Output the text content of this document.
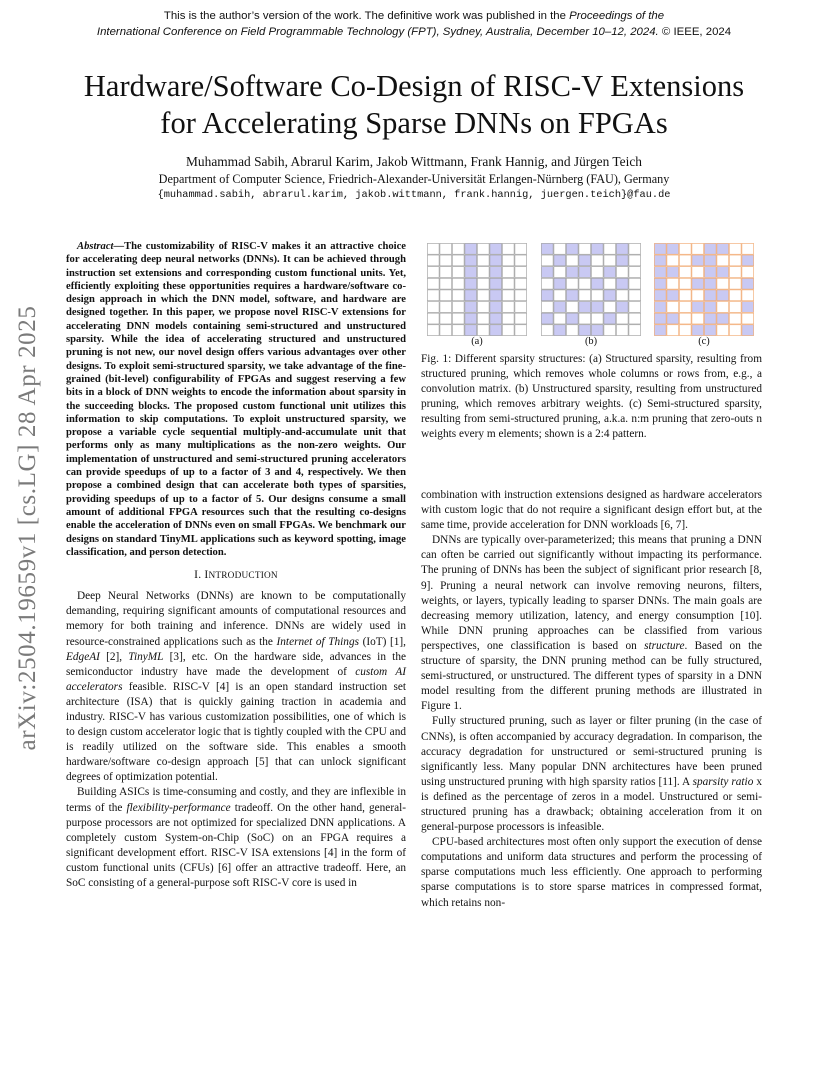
This is the author’s version of the work. The definitive work was published in the Proceedings of the
International Conference on Field Programmable Technology (FPT), Sydney, Australia, December 10–12, 2024. © IEEE, 2024
Hardware/Software Co-Design of RISC-V Extensions
for Accelerating Sparse DNNs on FPGAs
Muhammad Sabih, Abrarul Karim, Jakob Wittmann, Frank Hannig, and Jürgen Teich
Department of Computer Science, Friedrich-Alexander-Universität Erlangen-Nürnberg (FAU), Germany
{muhammad.sabih, abrarul.karim, jakob.wittmann, frank.hannig, juergen.teich}@fau.de
arXiv:2504.19659v1 [cs.LG] 28 Apr 2025

Abstract—The customizability of RISC-V makes it an attractive choice for accelerating deep neural networks (DNNs). It can be achieved through instruction set extensions and corresponding custom functional units. Yet, efficiently exploiting these opportunities requires a hardware/software co-design approach in which the DNN model, software, and hardware are designed together. In this paper, we propose novel RISC-V extensions for accelerating DNN models containing semi-structured and unstructured sparsity. While the idea of accelerating structured and unstructured pruning is not new, our novel design offers various advantages over other designs. To exploit semi-structured sparsity, we take advantage of the fine-grained (bit-level) configurability of FPGAs and suggest reserving a few bits in a block of DNN weights to encode the information about sparsity in the succeeding blocks. The proposed custom functional unit utilizes this information to skip computations. To exploit unstructured sparsity, we propose a variable cycle sequential multiply-and-accumulate unit that performs only as many multiplications as the non-zero weights. Our implementation of unstructured and semi-structured pruning accelerators can provide speedups of up to a factor of 3 and 4, respectively. We then propose a combined design that can accelerate both types of sparsities, providing speedups of up to a factor of 5. Our designs consume a small amount of additional FPGA resources such that the resulting co-designs enable the acceleration of DNNs even on small FPGAs. We benchmark our designs on standard TinyML applications such as keyword spotting, image classification, and person detection.

I. INTRODUCTION

Deep Neural Networks (DNNs) are known to be computationally demanding, requiring significant amounts of computational resources and memory for both training and inference. DNNs are widely used in resource-constrained applications such as the Internet of Things (IoT) [1], EdgeAI [2], TinyML [3], etc. On the hardware side, advances in the semiconductor industry have made the development of custom AI accelerators feasible. RISC-V [4] is an open standard instruction set architecture (ISA) that is quickly gaining traction in academia and industry. RISC-V has various customization possibilities, one of which is to design custom accelerator logic that is tightly coupled with the CPU and is readily utilized on the software side. This enables a smooth hardware/software co-design approach [5] that can unlock significant degrees of optimization potential.

Building ASICs is time-consuming and costly, and they are inflexible in terms of the flexibility-performance tradeoff. On the other hand, general-purpose processors are not optimized for specialized DNN applications. A completely custom System-on-Chip (SoC) on an FPGA requires a significant development effort. RISC-V ISA extensions [4] in the form of custom functional units (CFUs) [6] offer an attractive tradeoff. Here, an SoC consisting of a general-purpose soft RISC-V core is used in

(a)	(b)	(c)

Fig. 1: Different sparsity structures: (a) Structured sparsity, resulting from structured pruning, which removes whole columns or rows from, e.g., a convolution matrix. (b) Unstructured sparsity, resulting from unstructured pruning, which removes arbitrary weights. (c) Semi-structured sparsity, resulting from semi-structured pruning, a.k.a. n:m pruning that zero-outs n weights every m elements; shown is a 2:4 pattern.

combination with instruction extensions designed as hardware accelerators with custom logic that do not require a significant design effort but, at the same time, provide acceleration for DNN workloads [6, 7].

DNNs are typically over-parameterized; this means that pruning a DNN can often be carried out significantly without impacting its performance. The pruning of DNNs has been the subject of significant prior research [8, 9]. Pruning a neural network can involve removing neurons, filters, weights, or layers, typically leading to sparser DNNs. The main goals are decreasing memory utilization, latency, and energy consumption [10]. While DNN pruning approaches can be classified from various perspectives, one classification is based on structure. Based on the structure of sparsity, the DNN pruning method can be fully structured, semi-structured, or unstructured. The different types of sparsity in a DNN model resulting from the different pruning methods are illustrated in Figure 1.

Fully structured pruning, such as layer or filter pruning (in the case of CNNs), is often accompanied by accuracy degradation. In comparison, the accuracy degradation for unstructured or semi-structured pruning is significantly less. Many popular DNN architectures have been pruned using unstructured pruning with high sparsity ratios [11]. A sparsity ratio x is defined as the percentage of zeros in a model. Unstructured or semi-structured pruning has a drawback; obtaining acceleration from it on general-purpose processors is infeasible.

CPU-based architectures most often only support the execution of dense computations and uniform data structures and perform the processing of sparse computations much less efficiently. One approach to performing sparse computations is to store sparse matrices in compressed format, which retains non-
